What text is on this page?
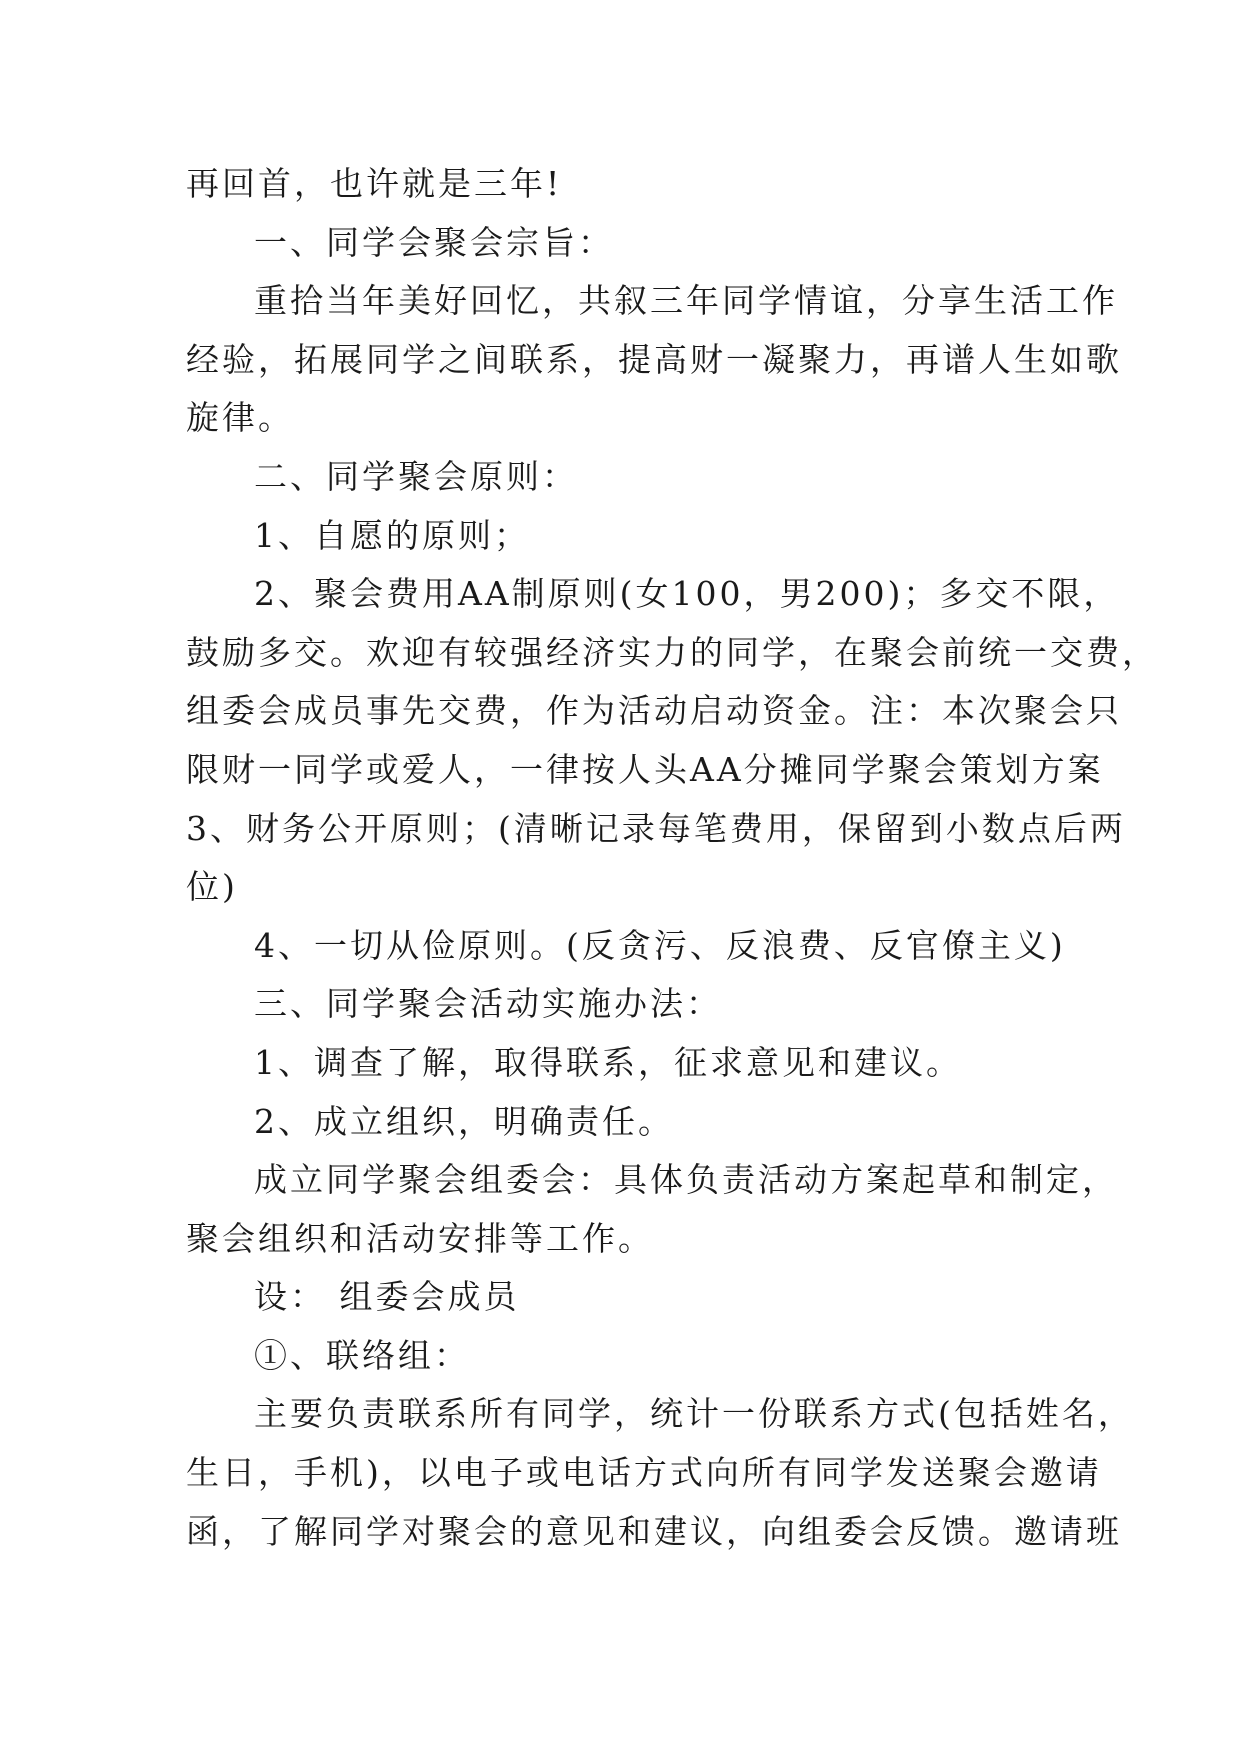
再回首，也许就是三年!

一、同学会聚会宗旨：

重拾当年美好回忆，共叙三年同学情谊，分享生活工作

经验，拓展同学之间联系，提高财一凝聚力，再谱人生如歌

旋律。

二、同学聚会原则：

1、自愿的原则；

2、聚会费用AA制原则(女100，男200)；多交不限，

鼓励多交。欢迎有较强经济实力的同学，在聚会前统一交费，

组委会成员事先交费，作为活动启动资金。注：本次聚会只

限财一同学或爱人，一律按人头AA分摊同学聚会策划方案

3、财务公开原则；(清晰记录每笔费用，保留到小数点后两

位)

4、一切从俭原则。(反贪污、反浪费、反官僚主义)

三、同学聚会活动实施办法：

1、调查了解，取得联系，征求意见和建议。

2、成立组织，明确责任。

成立同学聚会组委会：具体负责活动方案起草和制定，

聚会组织和活动安排等工作。

设： 组委会成员

①、联络组：

主要负责联系所有同学，统计一份联系方式(包括姓名，

生日，手机)，以电子或电话方式向所有同学发送聚会邀请

函，了解同学对聚会的意见和建议，向组委会反馈。邀请班
